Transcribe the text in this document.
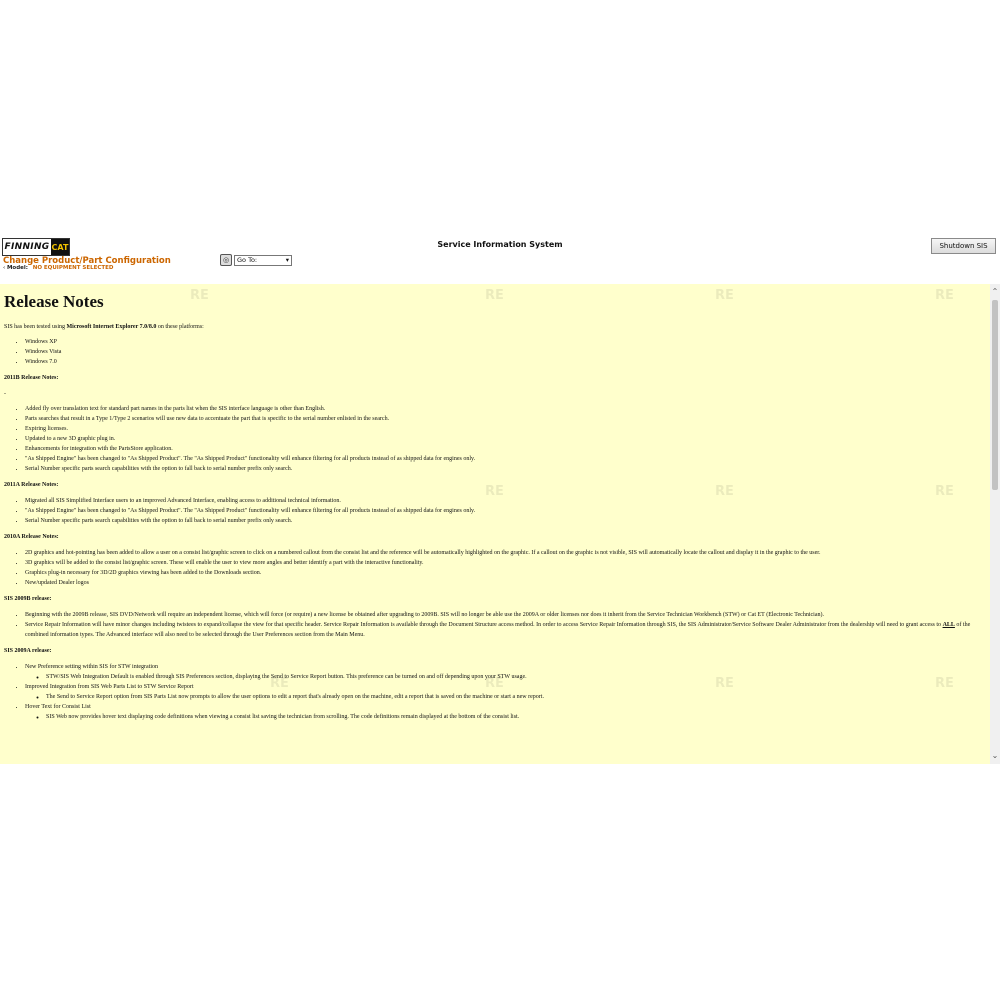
FINNING CAT
Change Product/Part Configuration
‹ Model: NO EQUIPMENT SELECTED
Service Information System	Shutdown SIS
◎	Go To:	▾
RE	RE	RE	RE
RE	RE	RE
RE	RE	RE	RE
Release Notes

SIS has been tested using Microsoft Internet Explorer 7.0/8.0 on these platforms:

• Windows XP
• Windows Vista
• Windows 7.0

2011B Release Notes:

-

• Added fly over translation text for standard part names in the parts list when the SIS interface language is other than English.
• Parts searches that result in a Type 1/Type 2 scenarios will use new data to accentuate the part that is specific to the serial number enlisted in the search.
• Expiring licenses.
• Updated to a new 3D graphic plug in.
• Enhancements for integration with the PartsStore application.
• "As Shipped Engine" has been changed to "As Shipped Product". The "As Shipped Product" functionality will enhance filtering for all products instead of as shipped data for engines only.
• Serial Number specific parts search capabilities with the option to fall back to serial number prefix only search.

2011A Release Notes:

• Migrated all SIS Simplified Interface users to an improved Advanced Interface, enabling access to additional technical information.
• "As Shipped Engine" has been changed to "As Shipped Product". The "As Shipped Product" functionality will enhance filtering for all products instead of as shipped data for engines only.
• Serial Number specific parts search capabilities with the option to fall back to serial number prefix only search.

2010A Release Notes:

• 2D graphics and hot-pointing has been added to allow a user on a consist list/graphic screen to click on a numbered callout from the consist list and the reference will be automatically highlighted on the graphic. If a callout on the graphic is not visible, SIS will automatically locate the callout and display it in the graphic to the user.
• 3D graphics will be added to the consist list/graphic screen. These will enable the user to view more angles and better identify a part with the interactive functionality.
• Graphics plug-in necessary for 3D/2D graphics viewing has been added to the Downloads section.
• New/updated Dealer logos

SIS 2009B release:

• Beginning with the 2009B release, SIS DVD/Network will require an independent license, which will force (or require) a new license be obtained after upgrading to 2009B. SIS will no longer be able use the 2009A or older licenses nor does it inherit from the Service Technician Workbench (STW) or Cat ET (Electronic Technician).
• Service Repair Information will have minor changes including twistees to expand/collapse the view for that specific header. Service Repair Information is available through the Document Structure access method. In order to access Service Repair Information through SIS, the SIS Administrator/Service Software Dealer Administrator from the dealership will need to grant access to ALL of the combined information types. The Advanced interface will also need to be selected through the User Preferences section from the Main Menu.

SIS 2009A release:

• New Preference setting within SIS for STW integration
◦ STW/SIS Web Integration Default is enabled through SIS Preferences section, displaying the Send to Service Report button. This preference can be turned on and off depending upon your STW usage.
• Improved Integration from SIS Web Parts List to STW Service Report
◦ The Send to Service Report option from SIS Parts List now prompts to allow the user options to edit a report that's already open on the machine, edit a report that is saved on the machine or start a new report.
• Hover Text for Consist List
◦ SIS Web now provides hover text displaying code definitions when viewing a consist list saving the technician from scrolling. The code definitions remain displayed at the bottom of the consist list.
⌃
⌄
